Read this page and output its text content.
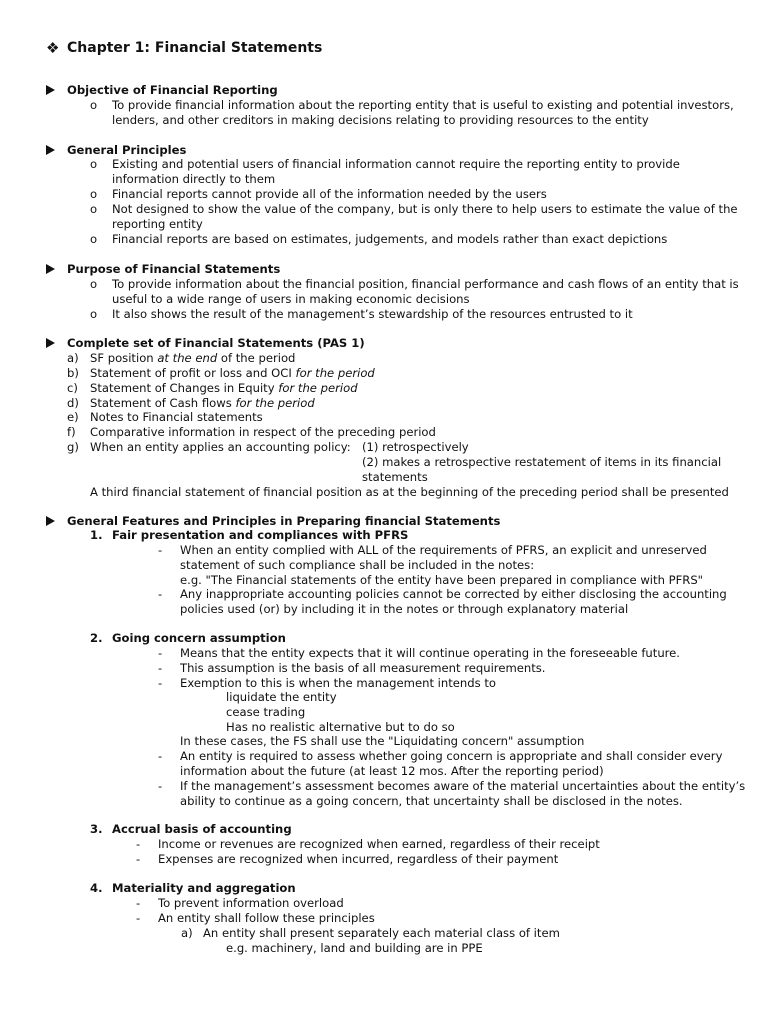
❖ Chapter 1: Financial Statements
Objective of Financial Reporting
o To provide financial information about the reporting entity that is useful to existing and potential investors,
lenders, and other creditors in making decisions relating to providing resources to the entity
General Principles
o Existing and potential users of financial information cannot require the reporting entity to provide
information directly to them
o Financial reports cannot provide all of the information needed by the users
o Not designed to show the value of the company, but is only there to help users to estimate the value of the
reporting entity
o Financial reports are based on estimates, judgements, and models rather than exact depictions
Purpose of Financial Statements
o To provide information about the financial position, financial performance and cash flows of an entity that is
useful to a wide range of users in making economic decisions
o It also shows the result of the management’s stewardship of the resources entrusted to it
Complete set of Financial Statements (PAS 1)
a) SF position at the end of the period
b) Statement of profit or loss and OCI for the period
c) Statement of Changes in Equity for the period
d) Statement of Cash flows for the period
e) Notes to Financial statements
f) Comparative information in respect of the preceding period
g) When an entity applies an accounting policy: (1) retrospectively
(2) makes a retrospective restatement of items in its financial
statements
A third financial statement of financial position as at the beginning of the preceding period shall be presented
General Features and Principles in Preparing financial Statements
1. Fair presentation and compliances with PFRS
- When an entity complied with ALL of the requirements of PFRS, an explicit and unreserved
statement of such compliance shall be included in the notes:
e.g. "The Financial statements of the entity have been prepared in compliance with PFRS"
- Any inappropriate accounting policies cannot be corrected by either disclosing the accounting
policies used (or) by including it in the notes or through explanatory material
2. Going concern assumption
- Means that the entity expects that it will continue operating in the foreseeable future.
- This assumption is the basis of all measurement requirements.
- Exemption to this is when the management intends to
liquidate the entity
cease trading
Has no realistic alternative but to do so
In these cases, the FS shall use the "Liquidating concern" assumption
- An entity is required to assess whether going concern is appropriate and shall consider every
information about the future (at least 12 mos. After the reporting period)
- If the management’s assessment becomes aware of the material uncertainties about the entity’s
ability to continue as a going concern, that uncertainty shall be disclosed in the notes.
3. Accrual basis of accounting
- Income or revenues are recognized when earned, regardless of their receipt
- Expenses are recognized when incurred, regardless of their payment
4. Materiality and aggregation
- To prevent information overload
- An entity shall follow these principles
a) An entity shall present separately each material class of item
e.g. machinery, land and building are in PPE
